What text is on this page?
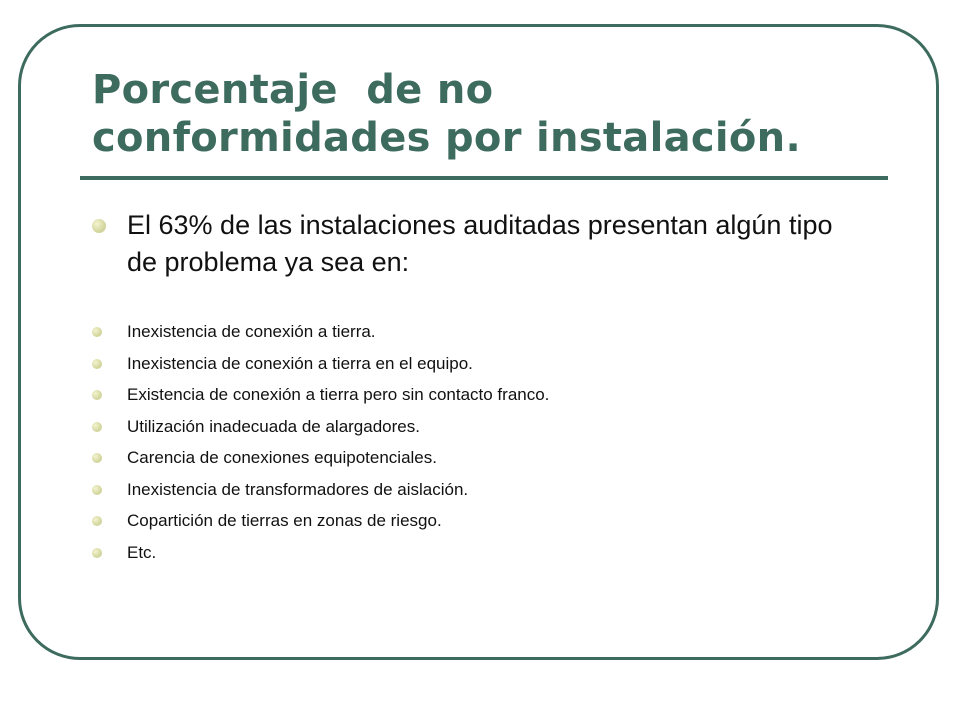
Porcentaje  de no
conformidades por instalación.
El 63% de las instalaciones auditadas presentan algún tipo de problema ya sea en:
Inexistencia de conexión a tierra.
Inexistencia de conexión a tierra en el equipo.
Existencia de conexión a tierra pero sin contacto franco.
Utilización inadecuada de alargadores.
Carencia de conexiones equipotenciales.
Inexistencia de transformadores de aislación.
Copartición de tierras en zonas de riesgo.
Etc.
